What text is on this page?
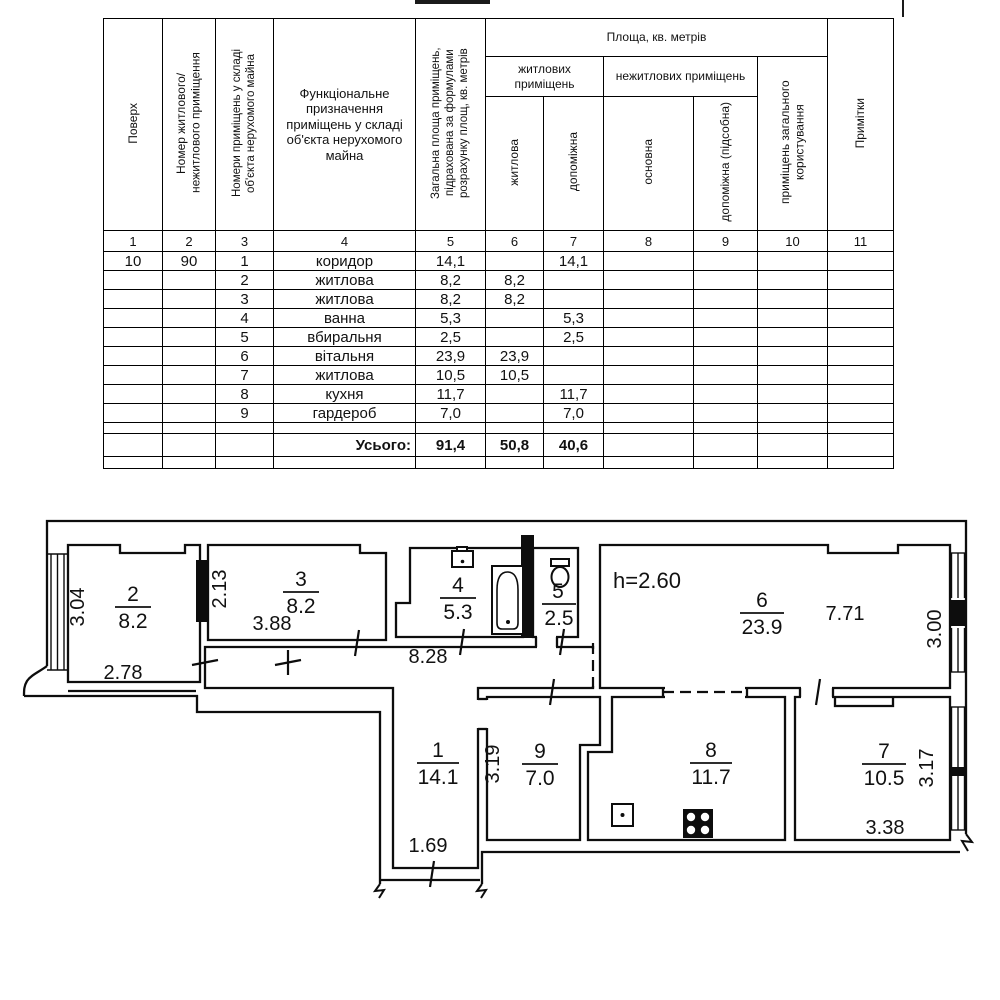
Поверх	Номер житлового/нежитлового приміщення	Номери приміщень у складі об'єкта нерухомого майна	Функціональне призначення приміщень у складі об'єкта нерухомого майна	Загальна площа приміщень, підрахована за формулами розрахунку площ, кв. метрів	Площа, кв. метрів					Примітки
					житлових приміщень		нежитлових приміщень		приміщень загального користування	
					житлова	допоміжна	основна	допоміжна (підсобна)		
1	2	3	4	5	6	7	8	9	10	11
10	90	1	коридор	14,1		14,1				
		2	житлова	8,2	8,2					
		3	житлова	8,2	8,2					
		4	ванна	5,3		5,3				
		5	вбиральня	2,5		2,5				
		6	вітальня	23,9	23,9					
		7	житлова	10,5	10,5					
		8	кухня	11,7		11,7				
		9	гардероб	7,0		7,0				

			Усього:	91,4	50,8	40,6				

1
14.1
2
8.2
3
8.2
4
5.3
5
2.5
6
23.9
7
10.5
8
11.7
9
7.0
3.04
2.78
2.13
3.88
8.28
h=2.60
7.71	3.00
3.19
1.69
3.38
3.17
